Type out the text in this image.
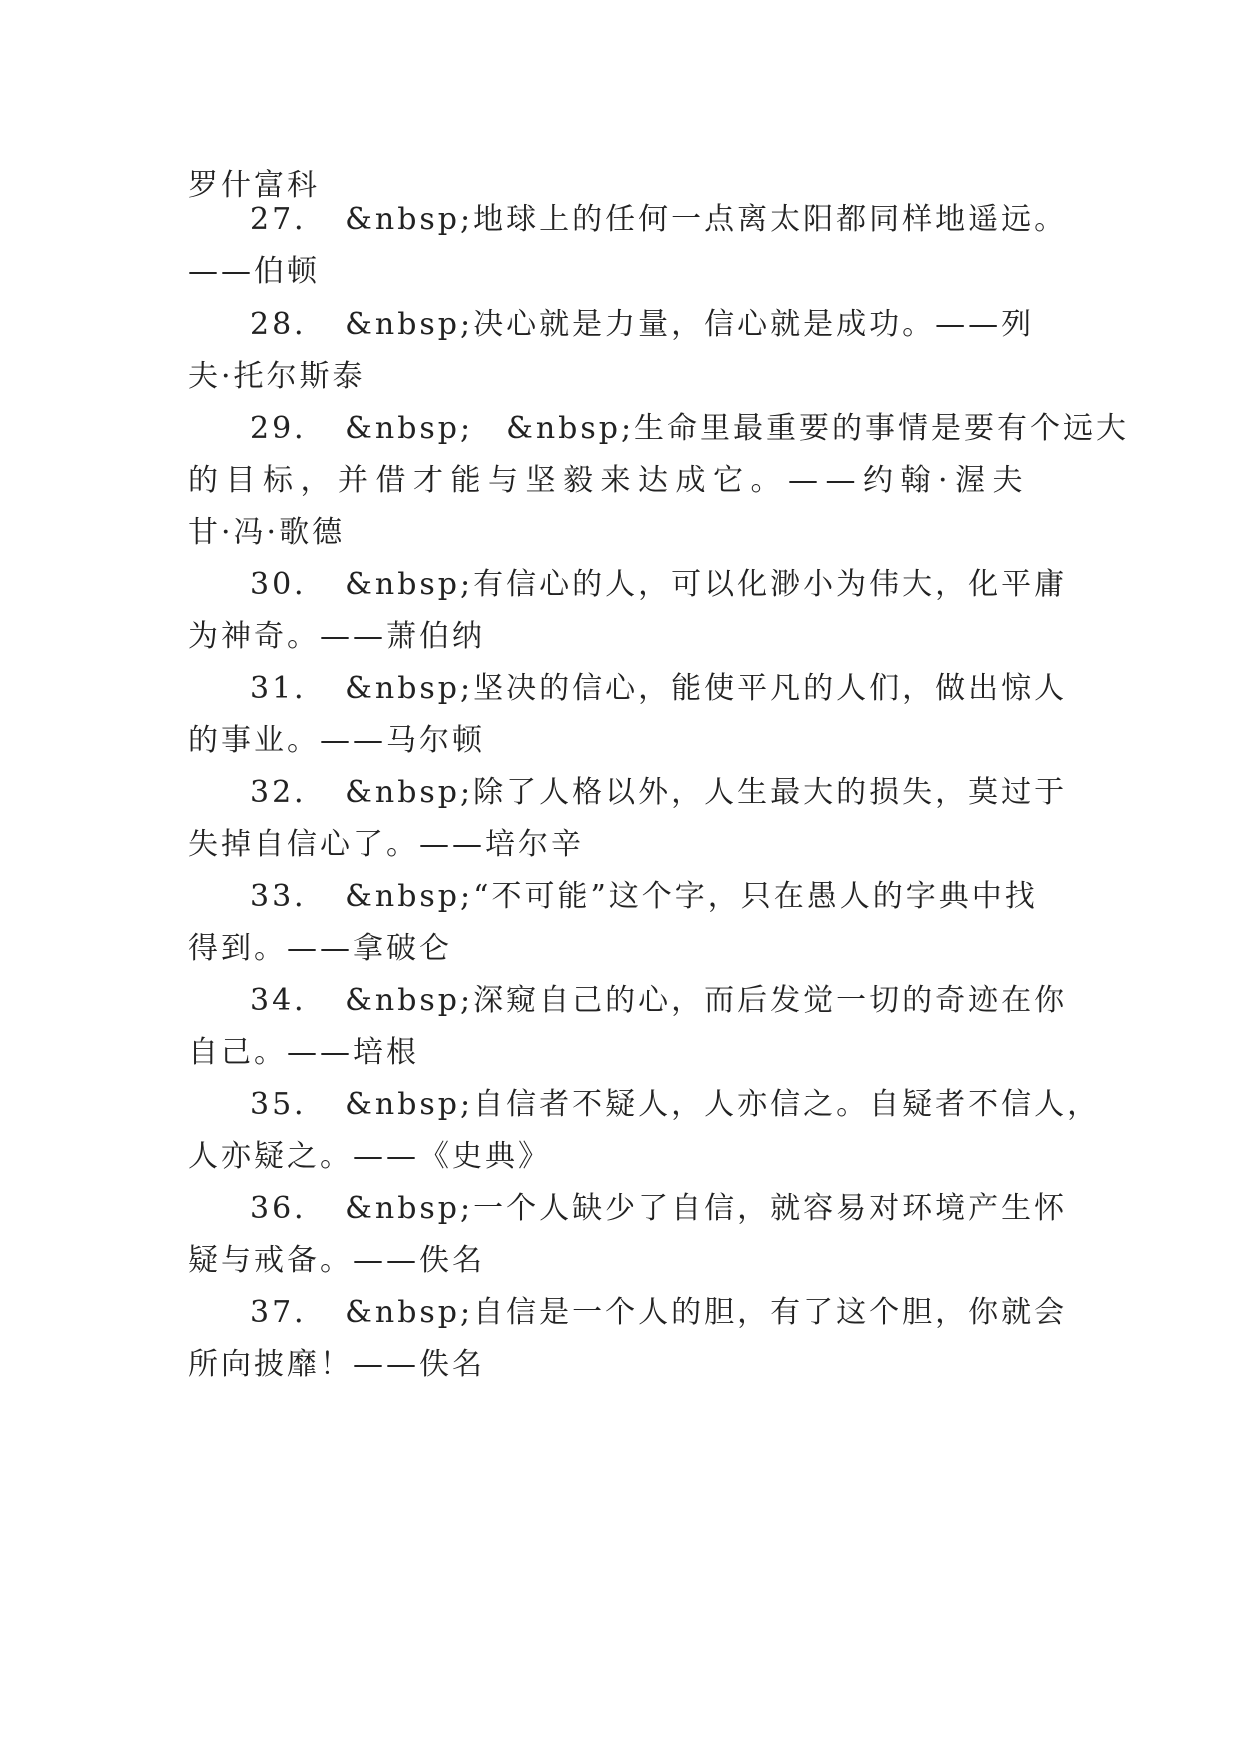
罗什富科
27．　&nbsp;地球上的任何一点离太阳都同样地遥远。
——伯顿
28．　&nbsp;决心就是力量，信心就是成功。——列
夫·托尔斯泰
29．　&nbsp;　&nbsp;生命里最重要的事情是要有个远大
的目标，并借才能与坚毅来达成它。——约翰·渥夫
甘·冯·歌德
30．　&nbsp;有信心的人，可以化渺小为伟大，化平庸
为神奇。——萧伯纳
31．　&nbsp;坚决的信心，能使平凡的人们，做出惊人
的事业。——马尔顿
32．　&nbsp;除了人格以外，人生最大的损失，莫过于
失掉自信心了。——培尔辛
33．　&nbsp;“不可能”这个字，只在愚人的字典中找
得到。——拿破仑
34．　&nbsp;深窥自己的心，而后发觉一切的奇迹在你
自己。——培根
35．　&nbsp;自信者不疑人，人亦信之。自疑者不信人，
人亦疑之。——《史典》
36．　&nbsp;一个人缺少了自信，就容易对环境产生怀
疑与戒备。——佚名
37．　&nbsp;自信是一个人的胆，有了这个胆，你就会
所向披靡！——佚名
